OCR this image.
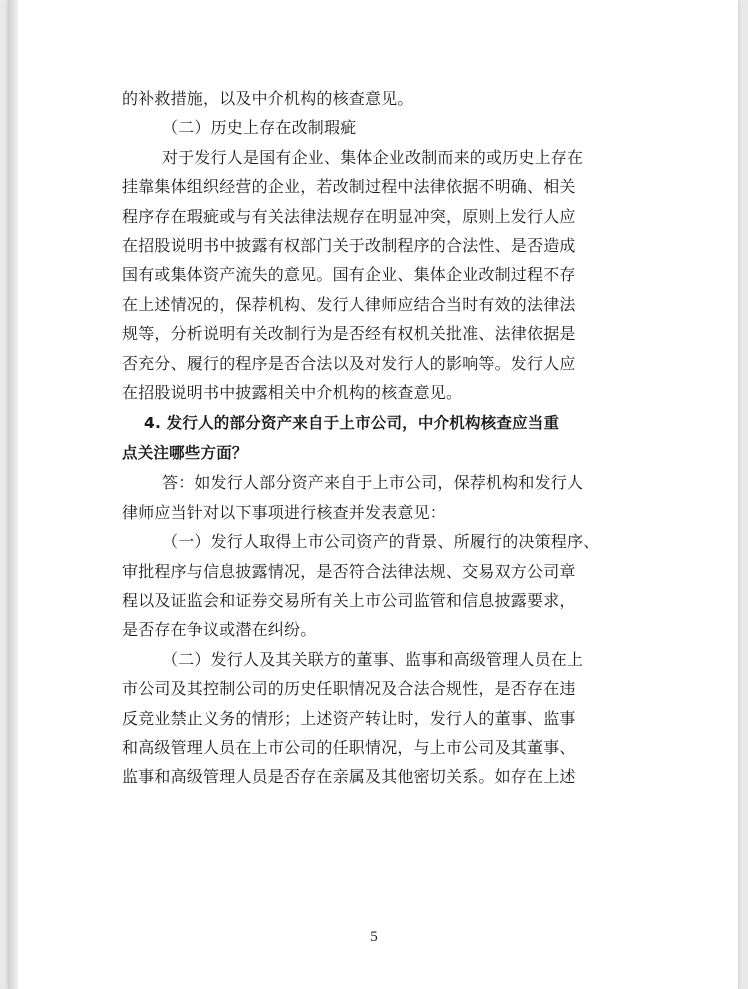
的补救措施，以及中介机构的核查意见。

（二）历史上存在改制瑕疵

对于发行人是国有企业、集体企业改制而来的或历史上存在
挂靠集体组织经营的企业，若改制过程中法律依据不明确、相关
程序存在瑕疵或与有关法律法规存在明显冲突，原则上发行人应
在招股说明书中披露有权部门关于改制程序的合法性、是否造成
国有或集体资产流失的意见。国有企业、集体企业改制过程不存
在上述情况的，保荐机构、发行人律师应结合当时有效的法律法
规等，分析说明有关改制行为是否经有权机关批准、法律依据是
否充分、履行的程序是否合法以及对发行人的影响等。发行人应
在招股说明书中披露相关中介机构的核查意见。

4. 发行人的部分资产来自于上市公司，中介机构核查应当重
点关注哪些方面？

答：如发行人部分资产来自于上市公司，保荐机构和发行人
律师应当针对以下事项进行核查并发表意见：

（一）发行人取得上市公司资产的背景、所履行的决策程序、
审批程序与信息披露情况，是否符合法律法规、交易双方公司章
程以及证监会和证券交易所有关上市公司监管和信息披露要求，
是否存在争议或潜在纠纷。

（二）发行人及其关联方的董事、监事和高级管理人员在上
市公司及其控制公司的历史任职情况及合法合规性，是否存在违
反竞业禁止义务的情形；上述资产转让时，发行人的董事、监事
和高级管理人员在上市公司的任职情况，与上市公司及其董事、
监事和高级管理人员是否存在亲属及其他密切关系。如存在上述

5
